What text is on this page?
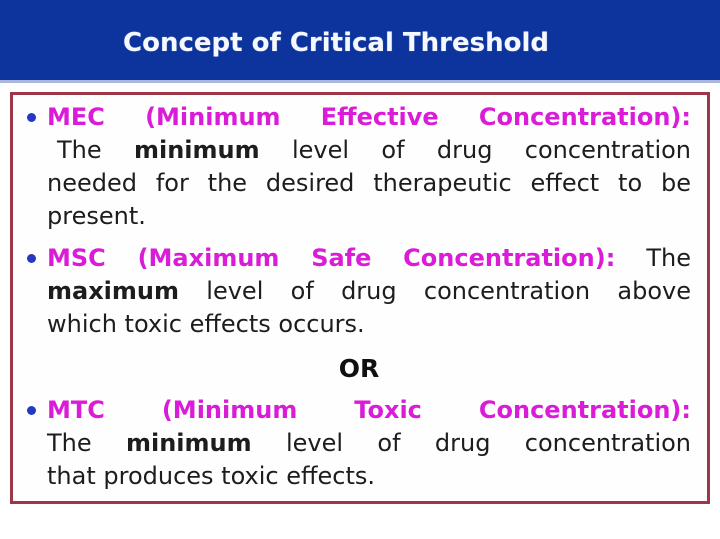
Concept of Critical Threshold
MEC (Minimum Effective Concentration):
The minimum level of drug concentration
needed for the desired therapeutic effect to be
present.
MSC (Maximum Safe Concentration): The
maximum level of drug concentration above
which toxic effects occurs.
OR
MTC (Minimum Toxic Concentration):
The minimum level of drug concentration
that produces toxic effects.
